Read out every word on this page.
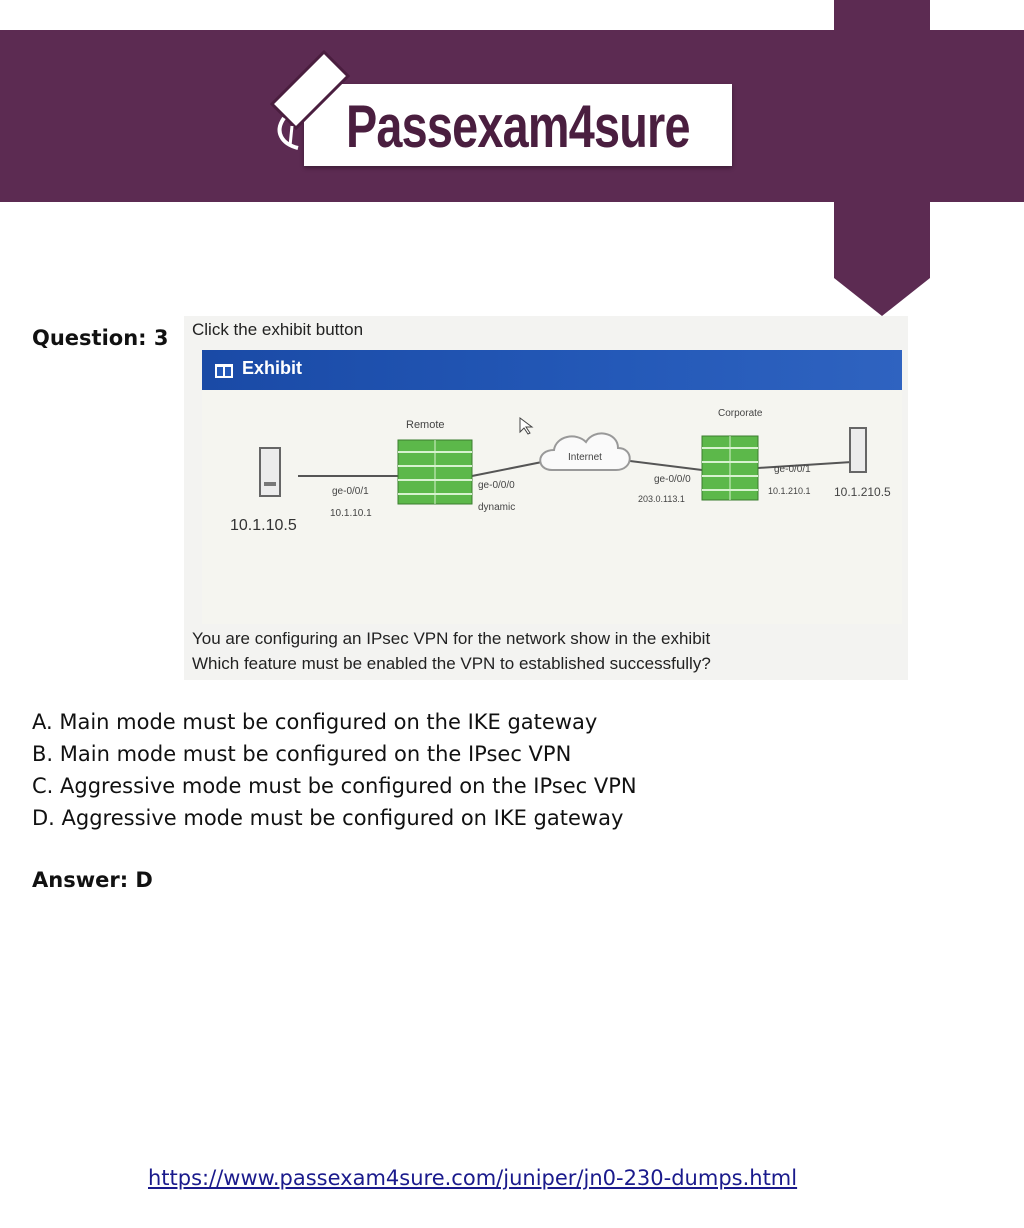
Passexam4sure
Question: 3 Click the exhibit button
Exhibit
Remote
Corporate
Internet
10.1.10.5
ge-0/0/1
10.1.10.1
ge-0/0/0
dynamic
ge-0/0/0
203.0.113.1
ge-0/0/1
10.1.210.1 10.1.210.5
You are configuring an IPsec VPN for the network show in the exhibit
Which feature must be enabled the VPN to established successfully?
A. Main mode must be configured on the IKE gateway
B. Main mode must be configured on the IPsec VPN
C. Aggressive mode must be configured on the IPsec VPN
D. Aggressive mode must be configured on IKE gateway
Answer: D
https://www.passexam4sure.com/juniper/jn0-230-dumps.html
